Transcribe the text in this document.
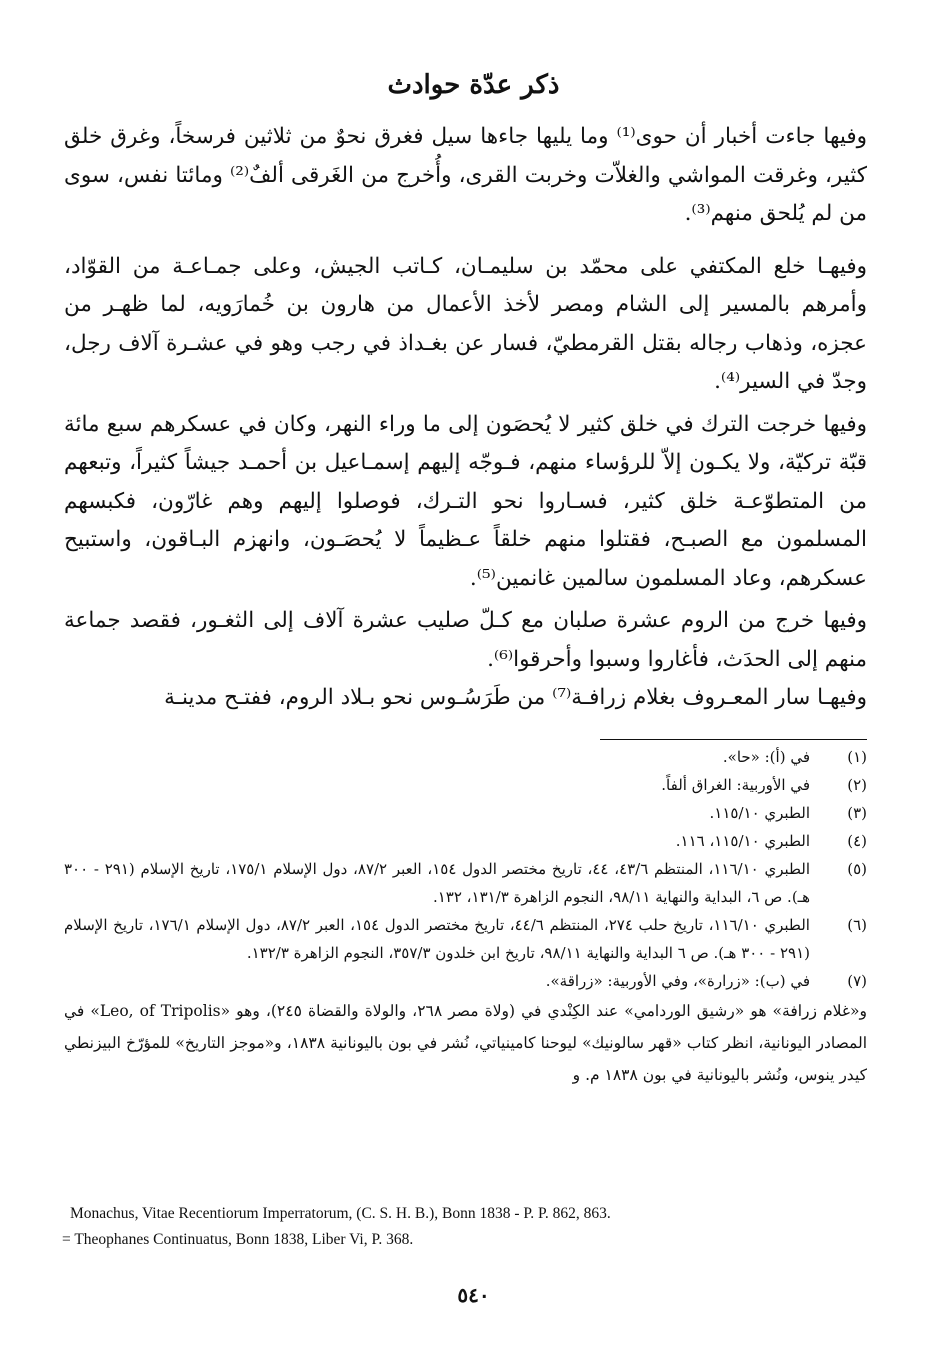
ذكر عدّة حوادث

وفيها جاءت أخبار أن حوى⁽¹⁾ وما يليها جاءها سيل فغرق نحوٌ من ثلاثين فرسخاً، وغرق خلق كثير، وغرقت المواشي والغلاّت وخربت القرى، وأُخرج من الغَرقى ألفٌ⁽²⁾ ومائتا نفس، سوى من لم يُلحق منهم⁽³⁾.

وفيهـا خلع المكتفي على محمّد بن سليمـان، كـاتب الجيش، وعلى جمـاعـة من القوّاد، وأمرهم بالمسير إلى الشام ومصر لأخذ الأعمال من هارون بن خُمارَويه، لما ظهـر من عجزه، وذهاب رجاله بقتل القرمطيّ، فسار عن بغـداذ في رجب وهو في عشـرة آلاف رجل، وجدّ في السير⁽⁴⁾.

وفيها خرجت الترك في خلق كثير لا يُحصَون إلى ما وراء النهر، وكان في عسكرهم سبع مائة قبّة تركيّة، ولا يكـون إلاّ للرؤساء منهم، فـوجّه إليهم إسمـاعيل بن أحمـد جيشاً كثيراً، وتبعهم من المتطوّعـة خلق كثير، فسـاروا نحو التـرك، فوصلوا إليهم وهم غارّون، فكبسهم المسلمون مع الصبـح، فقتلوا منهم خلقاً عـظيماً لا يُحصَـون، وانهزم البـاقون، واستبيح عسكرهم، وعاد المسلمون سالمين غانمين⁽⁵⁾.

وفيها خرج من الروم عشرة صلبان مع كـلّ صليب عشرة آلاف إلى الثغـور، فقصد جماعة منهم إلى الحدَث، فأغاروا وسبوا وأحرقوا⁽⁶⁾.

وفيهـا سار المعـروف بغلام زرافـة⁽⁷⁾ من طَرَسُـوس نحو بـلاد الروم، ففتـح مدينـة

(١)
في (أ): «حا».
(٢)
في الأوربية: الغراق ألفاً.
(٣)
الطبري ١١٥/١٠.
(٤)
الطبري ١١٥/١٠، ١١٦.
(٥)
الطبري ١١٦/١٠، المنتظم ٤٣/٦، ٤٤، تاريخ مختصر الدول ١٥٤، العبر ٨٧/٢، دول الإسلام ١٧٥/١، تاريخ الإسلام (٢٩١ - ٣٠٠ هـ). ص ٦، البداية والنهاية ٩٨/١١، النجوم الزاهرة ١٣١/٣، ١٣٢.
(٦)
الطبري ١١٦/١٠، تاريخ حلب ٢٧٤، المنتظم ٤٤/٦، تاريخ مختصر الدول ١٥٤، العبر ٨٧/٢، دول الإسلام ١٧٦/١، تاريخ الإسلام (٢٩١ - ٣٠٠ هـ). ص ٦ البداية والنهاية ٩٨/١١، تاريخ ابن خلدون ٣٥٧/٣، النجوم الزاهرة ١٣٢/٣.
(٧)
في (ب): «زرارة»، وفي الأوربية: «زراقة».
و«غلام زرافة» هو «رشيق الوردامي» عند الكِنْدي في (ولاة مصر ٢٦٨، والولاة والقضاة ٢٤٥)، وهو «Leo, of Tripolis» في المصادر اليونانية، انظر كتاب «قهر سالونيك» ليوحنا كامينياتي، نُشر في بون باليونانية ١٨٣٨، و«موجز التاريخ» للمؤرّخ البيزنطي كيدر ينوس، ونُشر باليونانية في بون ١٨٣٨ م. و
Monachus, Vitae Recentiorum Imperratorum, (C. S. H. B.), Bonn 1838 - P. P. 862, 863.
= Theophanes Continuatus, Bonn 1838, Liber Vi, P. 368.
٥٤٠
